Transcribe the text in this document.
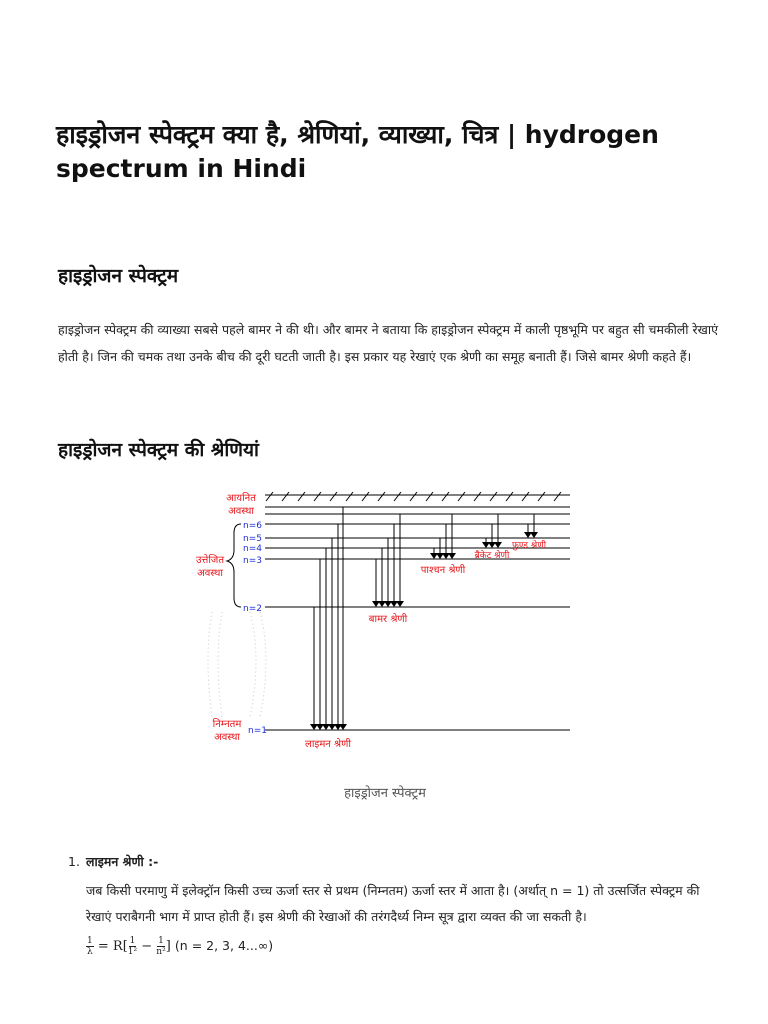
हाइड्रोजन स्पेक्ट्रम क्या है, श्रेणियां, व्याख्या, चित्र | hydrogen spectrum in Hindi
हाइड्रोजन स्पेक्ट्रम

हाइड्रोजन स्पेक्ट्रम की व्याख्या सबसे पहले बामर ने की थी। और बामर ने बताया कि हाइड्रोजन स्पेक्ट्रम में काली पृष्ठभूमि पर बहुत सी चमकीली रेखाएं होती है। जिन की चमक तथा उनके बीच की दूरी घटती जाती है। इस प्रकार यह रेखाएं एक श्रेणी का समूह बनाती हैं। जिसे बामर श्रेणी कहते हैं।

हाइड्रोजन स्पेक्ट्रम की श्रेणियां
आयनित अवस्था
उत्तेजित अवस्था
निम्नतम अवस्था
n=6
n=5
n=4
n=3
n=2
n=1
लाइमन श्रेणी
बामर श्रेणी
पाश्चन श्रेणी
ब्रैकेट श्रेणी
फुण्ड श्रेणी
हाइड्रोजन स्पेक्ट्रम

1. लाइमन श्रेणी :-

जब किसी परमाणु में इलेक्ट्रॉन किसी उच्च ऊर्जा स्तर से प्रथम (निम्नतम) ऊर्जा स्तर में आता है। (अर्थात् n = 1) तो उत्सर्जित स्पेक्ट्रम की रेखाएं पराबैगनी भाग में प्राप्त होती हैं। इस श्रेणी की रेखाओं की तरंगदैर्ध्य निम्न सूत्र द्वारा व्यक्त की जा सकती है।

$\frac{1}{\lambda} = R[ \frac{1}{\text{1²}} - \frac{1}{\text{n²}}$ ] (n = 2, 3, 4...∞)
